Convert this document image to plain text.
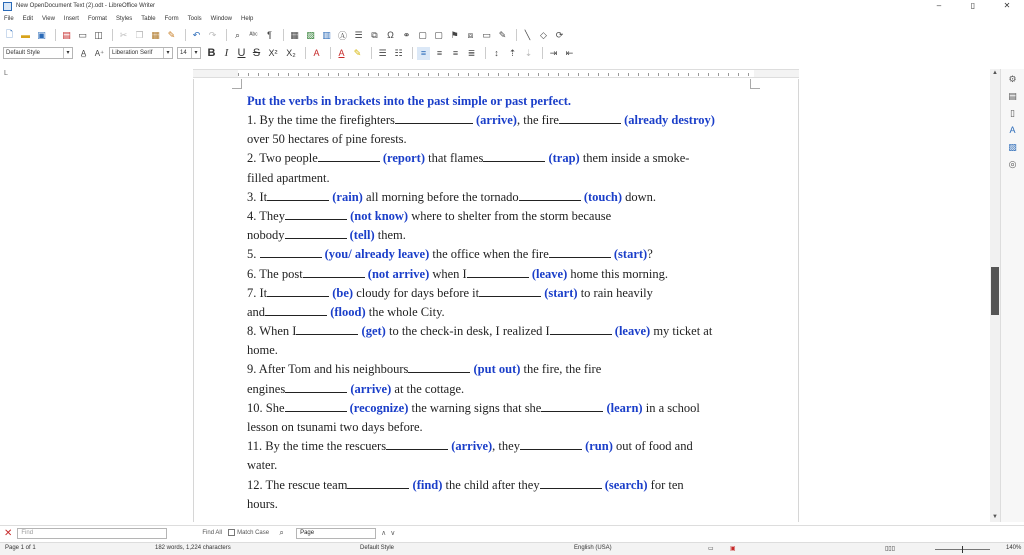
New OpenDocument Text (2).odt - LibreOffice Writer	–	▯	✕
File Edit View Insert Format Styles Table Form Tools Window Help
🗋 ▬ ▣ ▤ ▭ ◫	✂ ❐ ▦ ✎	↶ ↷	⌕	ᴬᵇᶜ	¶	▦ ▨ ▥ Ⓐ ☰ ⧉	Ω ⚭ ▢ ▢ ⚑	⧈ ▭ ✎	╲	◇ ⟳
Default Style	▾	A̲	A⁺	Liberation Serif	▾	14	▾ B I U S X² X₂	A	A	✎	☰ ☷	≡	≡	≡	≣	↕	⇡ ⇣	⇥ ⇤
L
Put the verbs in brackets into the past simple or past perfect.
1. By the time the firefighters	(arrive), the fire	(already destroy)
over 50 hectares of pine forests.
2. Two people	(report) that flames	(trap) them inside a smoke-
filled apartment.
3. It	(rain) all morning before the tornado	(touch) down.
4. They	(not know) where to shelter from the storm because
nobody	(tell) them.
5.	(you/ already leave) the office when the fire	(start)?
6. The post	(not arrive) when I	(leave) home this morning.
7. It	(be) cloudy for days before it	(start) to rain heavily
and	(flood) the whole City.
8. When I	(get) to the check-in desk, I realized I	(leave) my ticket at
home.
9. After Tom and his neighbours	(put out) the fire, the fire
engines	(arrive) at the cottage.
10. She	(recognize) the warning signs that she	(learn) in a school
lesson on tsunami two days before.
11. By the time the rescuers	(arrive), they	(run) out of food and
water.
12. The rescue team	(find) the child after they	(search) for ten
hours.
▲
▼
⚙
▤
▯
A
▨
◎
✕	Find	Find All	Match Case	⌕	Page	∧ ∨
Page 1 of 1	182 words, 1,224 characters	Default Style	English (USA)	▭	▣	▯▯▯	140%
